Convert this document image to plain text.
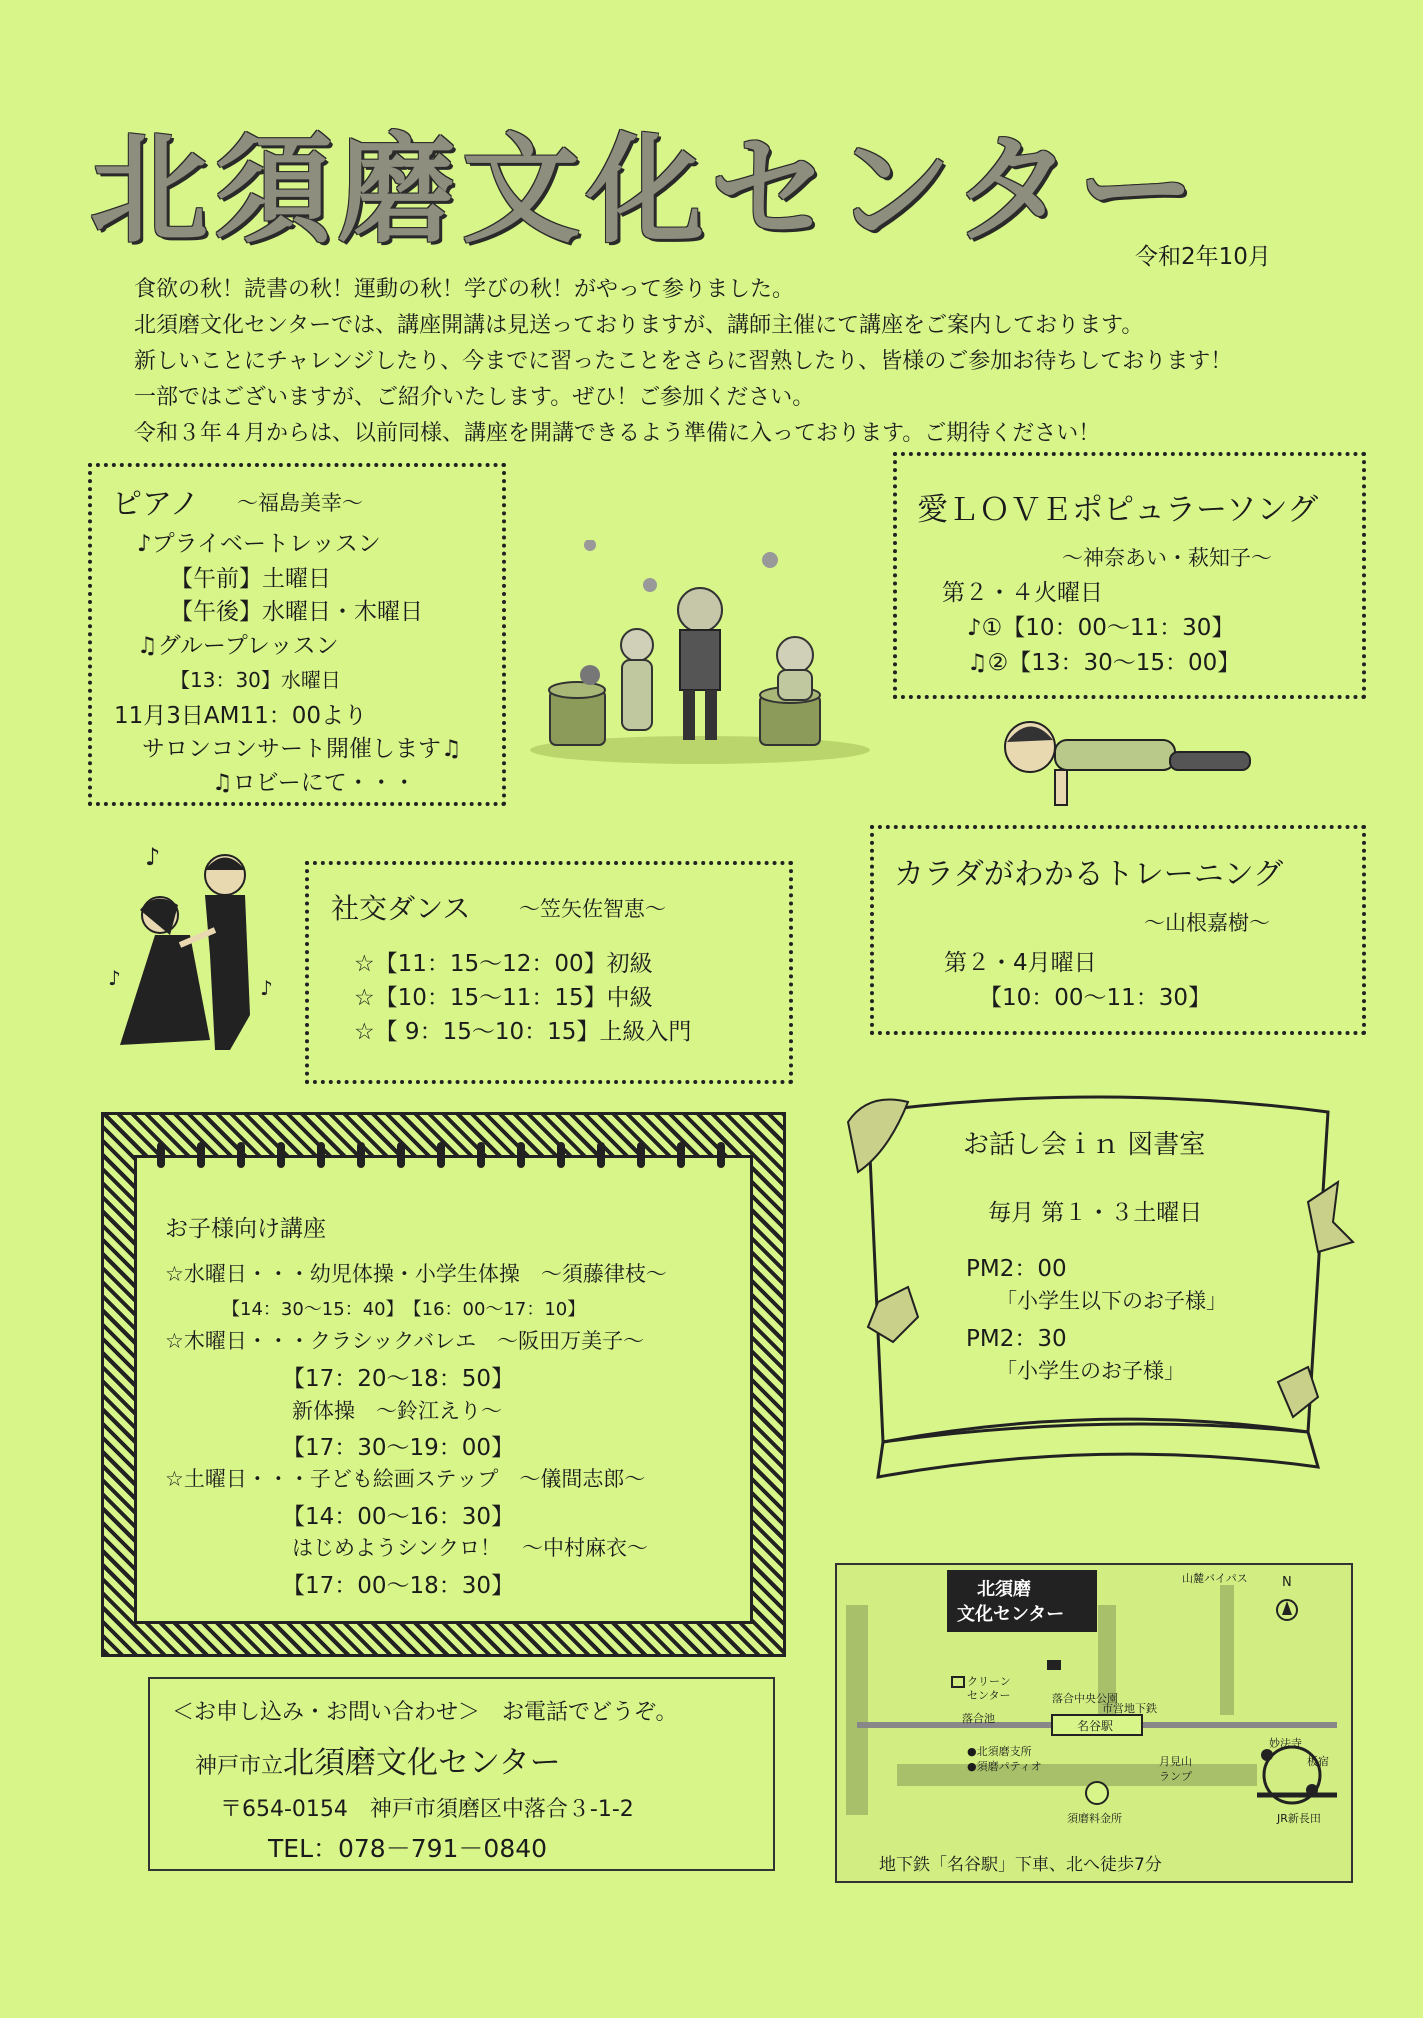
北須磨文化センター
令和2年10月
食欲の秋！読書の秋！運動の秋！学びの秋！がやって参りました。
北須磨文化センターでは、講座開講は見送っておりますが、講師主催にて講座をご案内しております。
新しいことにチャレンジしたり、今までに習ったことをさらに習熟したり、皆様のご参加お待ちしております！
一部ではございますが、ご紹介いたします。ぜひ！ご参加ください。
令和３年４月からは、以前同様、講座を開講できるよう準備に入っております。ご期待ください！
ピアノ ～福島美幸～
♪プライベートレッスン
【午前】土曜日
【午後】水曜日・木曜日
♫グループレッスン
【13：30】水曜日
11月3日AM11：00より
サロンコンサート開催します♫
♫ロビーにて・・・
愛ＬＯＶＥポピュラーソング
～神奈あい・萩知子～
第２・４火曜日
♪①【10：00～11：30】
♫②【13：30～15：00】
♪
♪	♪
社交ダンス ～笠矢佐智恵～
☆【11：15～12：00】初級
☆【10：15～11：15】中級
☆【 9：15～10：15】上級入門
カラダがわかるトレーニング
～山根嘉樹～
第２・4月曜日
【10：00～11：30】
お子様向け講座
☆水曜日・・・幼児体操・小学生体操　～須藤律枝～
【14：30～15：40】　【16：00～17：10】
☆木曜日・・・クラシックバレエ　～阪田万美子～
【17：20～18：50】
新体操　～鈴江えり～
【17：30～19：00】
☆土曜日・・・子ども絵画ステップ　～儀間志郎～
【14：00～16：30】
はじめようシンクロ！　～中村麻衣～
【17：00～18：30】
お話し会ｉｎ 図書室
毎月 第１・３土曜日
PM2：00
「小学生以下のお子様」
PM2：30
「小学生のお子様」
＜お申し込み・お問い合わせ＞　お電話でどうぞ。
神戸市立北須磨文化センター
〒654-0154　神戸市須磨区中落合３-1-2
TEL：078－791－0840
北須磨
文化センター
N
山麓バイパス
クリーン
センター	落合中央公園
落合池
名谷駅
市営地下鉄
●北須磨支所
●須磨パティオ	月見山
ランプ
妙法寺
板宿
須磨料金所	JR新長田
地下鉄「名谷駅」下車、北へ徒歩7分
